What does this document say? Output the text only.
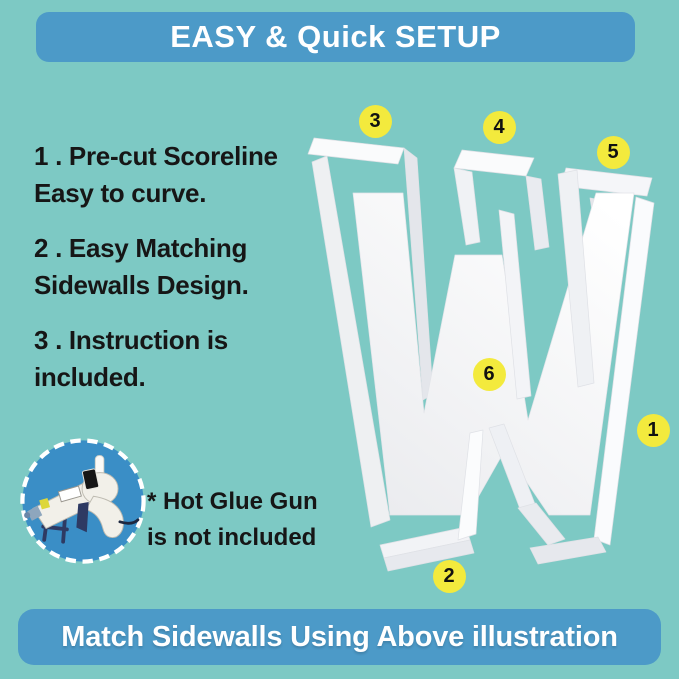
EASY & Quick SETUP
1 . Pre-cut Scoreline
Easy to curve.
2 . Easy Matching
Sidewalls Design.
3 . Instruction is
included.
* Hot Glue Gun
is not included
1
2
3	4
5
6
Match Sidewalls Using Above illustration
